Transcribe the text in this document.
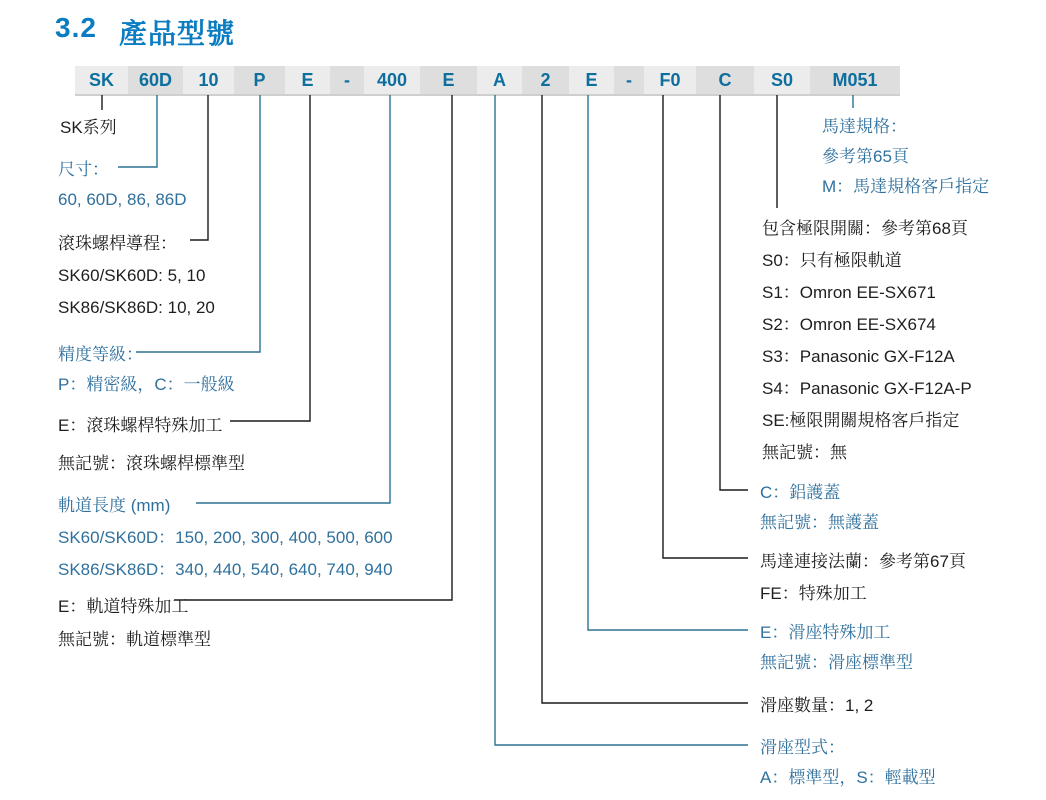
3.2 產品型號
SK	60D	10	P	E	-	400	E	A	2	E	-	F0	C	S0	M051
SK系列
尺寸：
60, 60D, 86, 86D
滾珠螺桿導程：
SK60/SK60D: 5, 10
SK86/SK86D: 10, 20
精度等級：
P：精密級，C：一般級
E：滾珠螺桿特殊加工
無記號：滾珠螺桿標準型
軌道長度 (mm)
SK60/SK60D：150, 200, 300, 400, 500, 600
SK86/SK86D：340, 440, 540, 640, 740, 940
E：軌道特殊加工
無記號：軌道標準型
馬達規格：
參考第65頁
M：馬達規格客戶指定
包含極限開關：參考第68頁
S0：只有極限軌道
S1：Omron EE-SX671
S2：Omron EE-SX674
S3：Panasonic GX-F12A
S4：Panasonic GX-F12A-P
SE:極限開關規格客戶指定
無記號：無
C：鋁護蓋
無記號：無護蓋
馬達連接法蘭：參考第67頁
FE：特殊加工
E：滑座特殊加工
無記號：滑座標準型
滑座數量：1, 2
滑座型式：
A：標準型，S：輕載型
